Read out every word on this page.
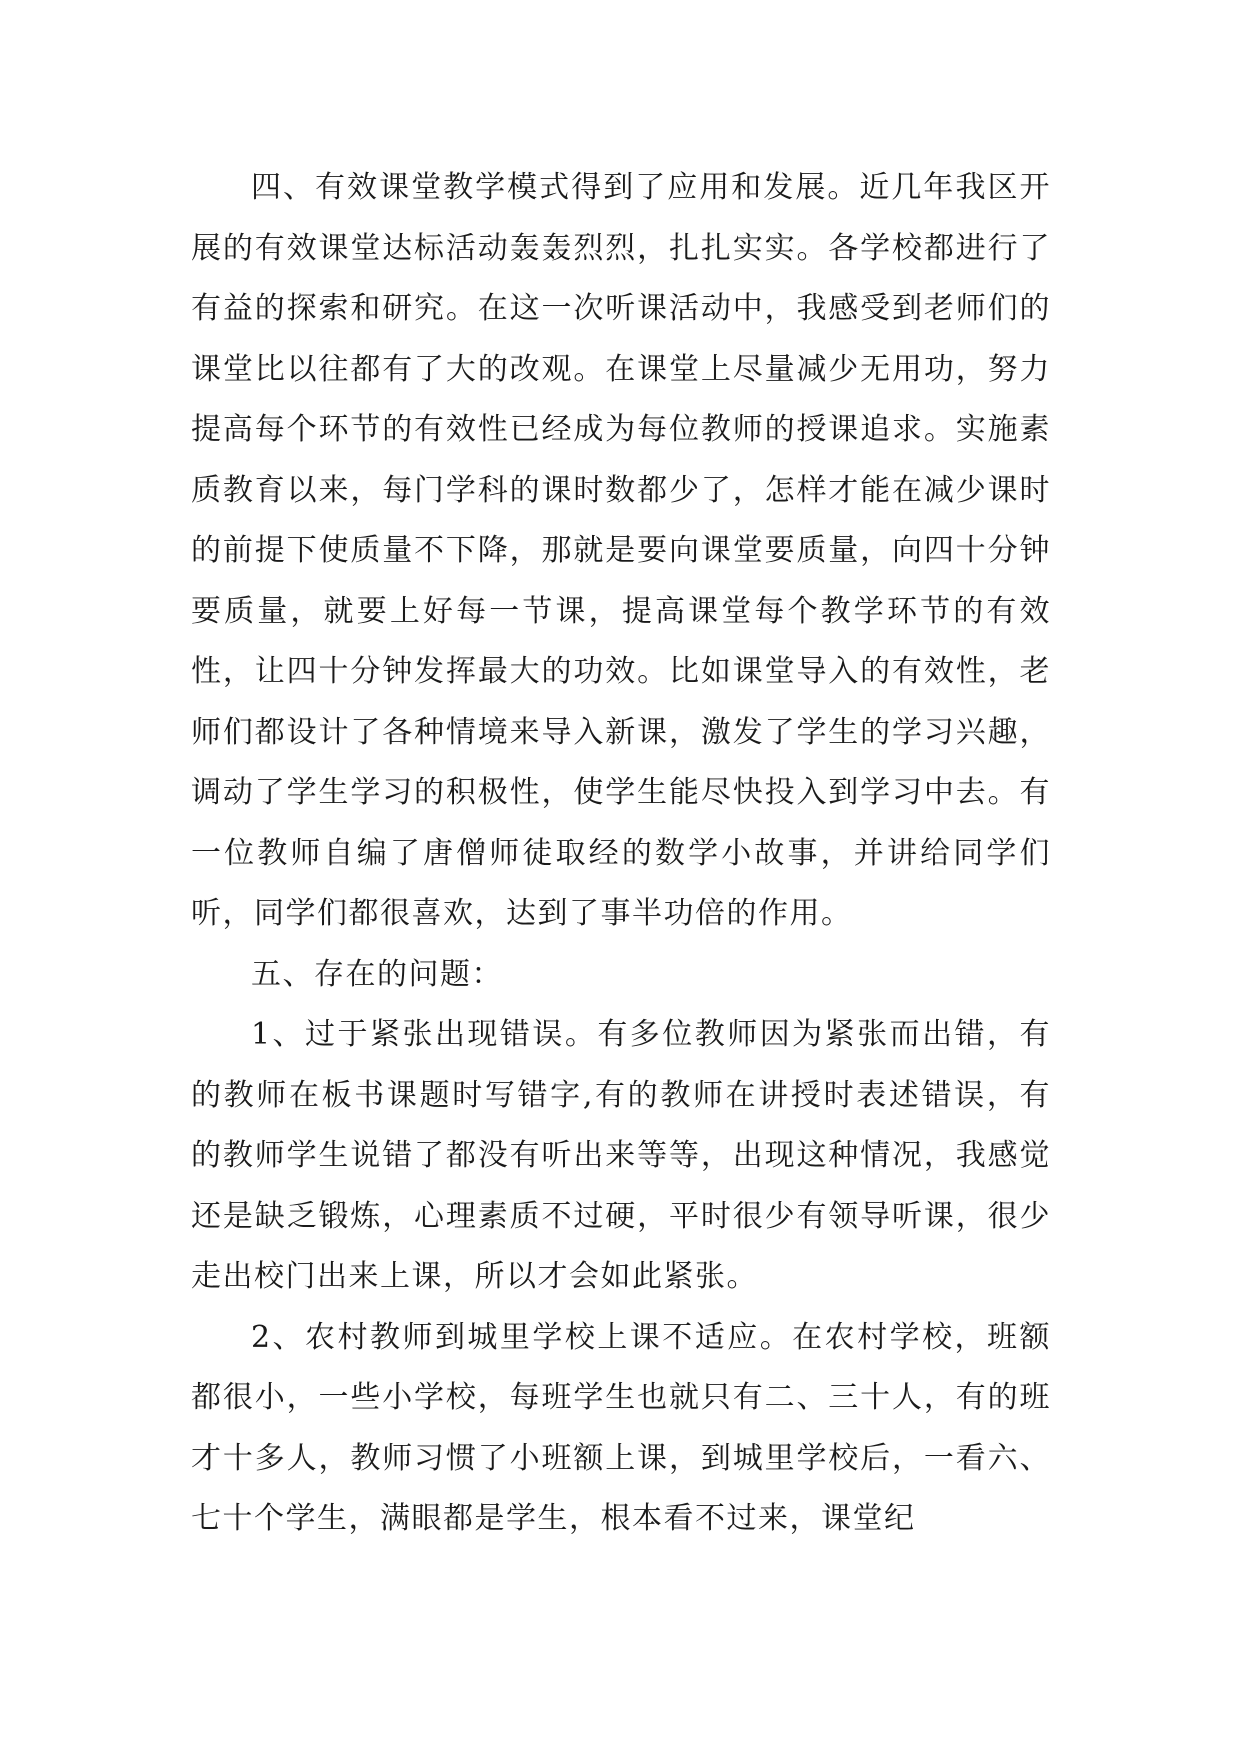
四、有效课堂教学模式得到了应用和发展。近几年我区开展的有效课堂达标活动轰轰烈烈，扎扎实实。各学校都进行了有益的探索和研究。在这一次听课活动中，我感受到老师们的课堂比以往都有了大的改观。在课堂上尽量减少无用功，努力提高每个环节的有效性已经成为每位教师的授课追求。实施素质教育以来，每门学科的课时数都少了，怎样才能在减少课时的前提下使质量不下降，那就是要向课堂要质量，向四十分钟要质量，就要上好每一节课，提高课堂每个教学环节的有效性，让四十分钟发挥最大的功效。比如课堂导入的有效性，老师们都设计了各种情境来导入新课，激发了学生的学习兴趣，调动了学生学习的积极性，使学生能尽快投入到学习中去。有一位教师自编了唐僧师徒取经的数学小故事，并讲给同学们听，同学们都很喜欢，达到了事半功倍的作用。

五、存在的问题：

1、过于紧张出现错误。有多位教师因为紧张而出错，有的教师在板书课题时写错字,有的教师在讲授时表述错误，有的教师学生说错了都没有听出来等等，出现这种情况，我感觉还是缺乏锻炼，心理素质不过硬，平时很少有领导听课，很少走出校门出来上课，所以才会如此紧张。

2、农村教师到城里学校上课不适应。在农村学校，班额都很小，一些小学校，每班学生也就只有二、三十人，有的班才十多人，教师习惯了小班额上课，到城里学校后，一看六、七十个学生，满眼都是学生，根本看不过来，课堂纪
